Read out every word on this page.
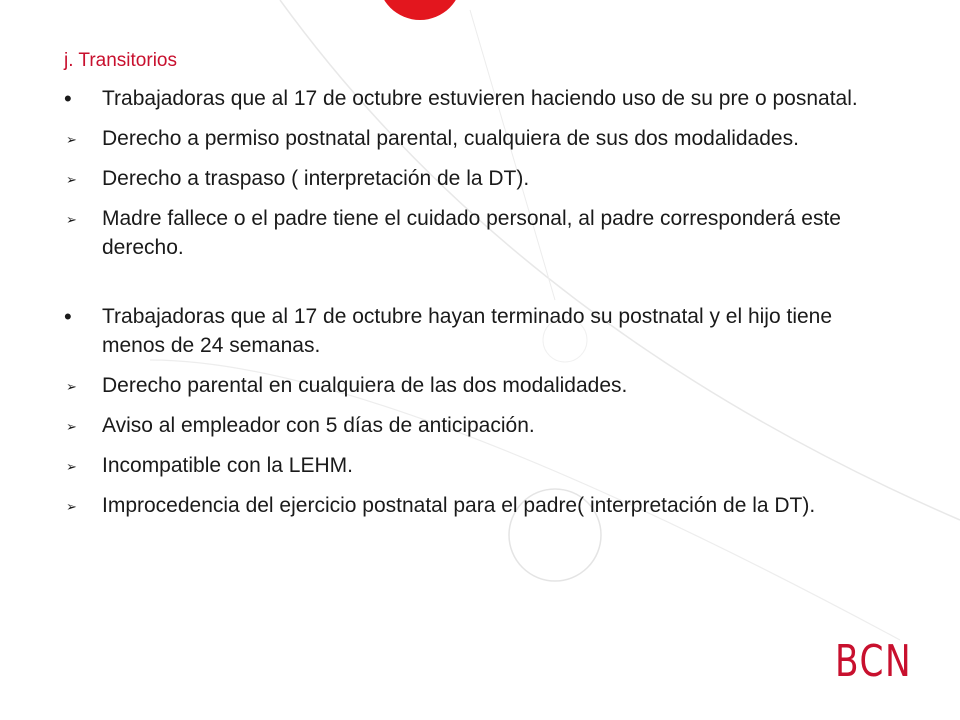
j. Transitorios

• Trabajadoras que al 17 de octubre estuvieren haciendo uso de su pre o posnatal.

➢ Derecho a permiso postnatal parental, cualquiera de sus dos modalidades.

➢ Derecho a traspaso ( interpretación de la DT).

➢ Madre fallece o el padre tiene el cuidado personal, al padre corresponderá este derecho.

• Trabajadoras que al 17 de octubre hayan terminado su postnatal y el hijo tiene menos de 24 semanas.

➢ Derecho parental en cualquiera de las dos modalidades.

➢ Aviso al empleador con 5 días de anticipación.

➢ Incompatible con la LEHM.

➢ Improcedencia del ejercicio postnatal para el padre( interpretación de la DT).

BCN
